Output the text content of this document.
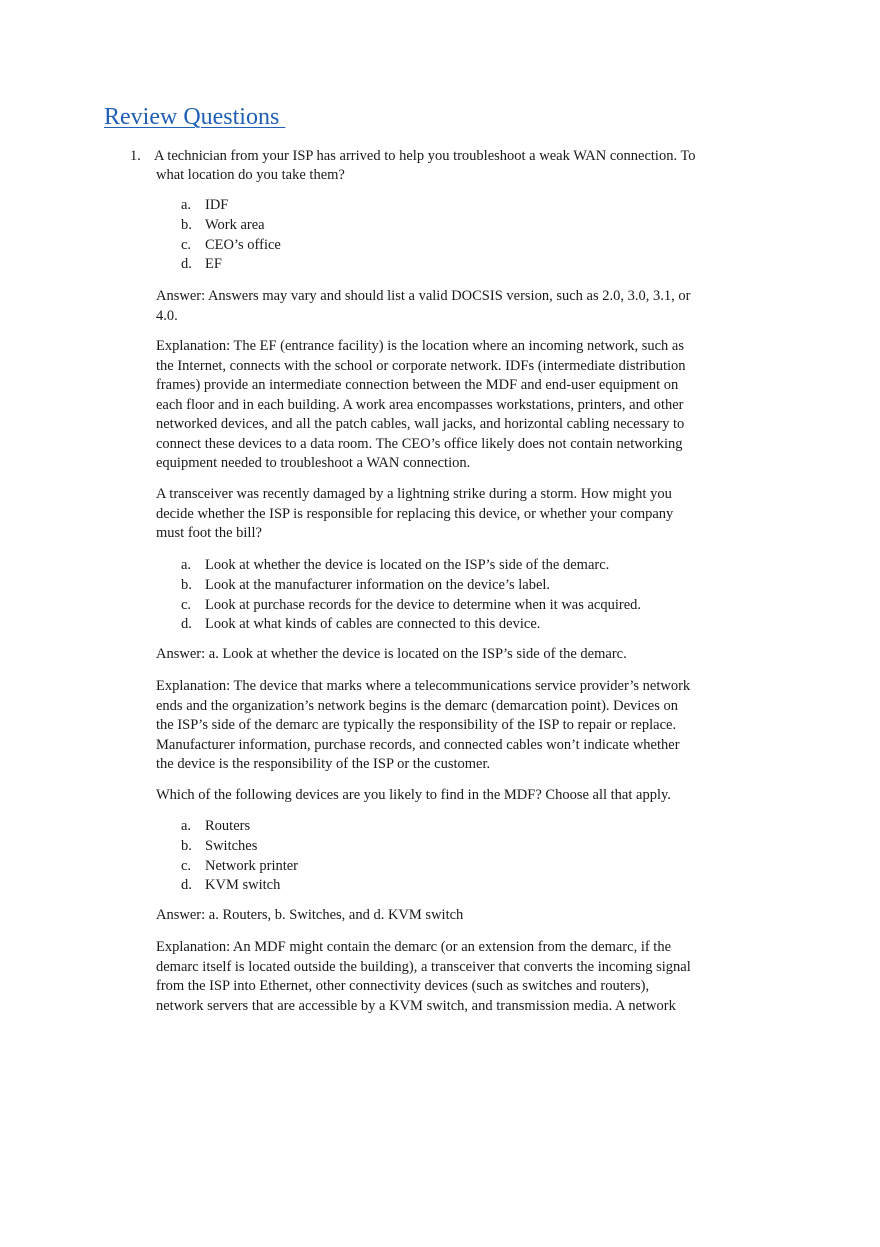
Review Questions
1. A technician from your ISP has arrived to help you troubleshoot a weak WAN connection. To
what location do you take them?
a. IDF
b. Work area
c. CEO’s office
d. EF

Answer: Answers may vary and should list a valid DOCSIS version, such as 2.0, 3.0, 3.1, or 4.0.

Explanation: The EF (entrance facility) is the location where an incoming network, such as the Internet, connects with the school or corporate network. IDFs (intermediate distribution frames) provide an intermediate connection between the MDF and end-user equipment on each floor and in each building. A work area encompasses workstations, printers, and other networked devices, and all the patch cables, wall jacks, and horizontal cabling necessary to connect these devices to a data room. The CEO’s office likely does not contain networking equipment needed to troubleshoot a WAN connection.

A transceiver was recently damaged by a lightning strike during a storm. How might you decide whether the ISP is responsible for replacing this device, or whether your company must foot the bill?

a. Look at whether the device is located on the ISP’s side of the demarc.
b. Look at the manufacturer information on the device’s label.
c. Look at purchase records for the device to determine when it was acquired.
d. Look at what kinds of cables are connected to this device.

Answer: a. Look at whether the device is located on the ISP’s side of the demarc.

Explanation: The device that marks where a telecommunications service provider’s network ends and the organization’s network begins is the demarc (demarcation point). Devices on the ISP’s side of the demarc are typically the responsibility of the ISP to repair or replace. Manufacturer information, purchase records, and connected cables won’t indicate whether the device is the responsibility of the ISP or the customer.

Which of the following devices are you likely to find in the MDF? Choose all that apply.

a. Routers
b. Switches
c. Network printer
d. KVM switch

Answer: a. Routers, b. Switches, and d. KVM switch

Explanation: An MDF might contain the demarc (or an extension from the demarc, if the demarc itself is located outside the building), a transceiver that converts the incoming signal from the ISP into Ethernet, other connectivity devices (such as switches and routers), network servers that are accessible by a KVM switch, and transmission media. A network
